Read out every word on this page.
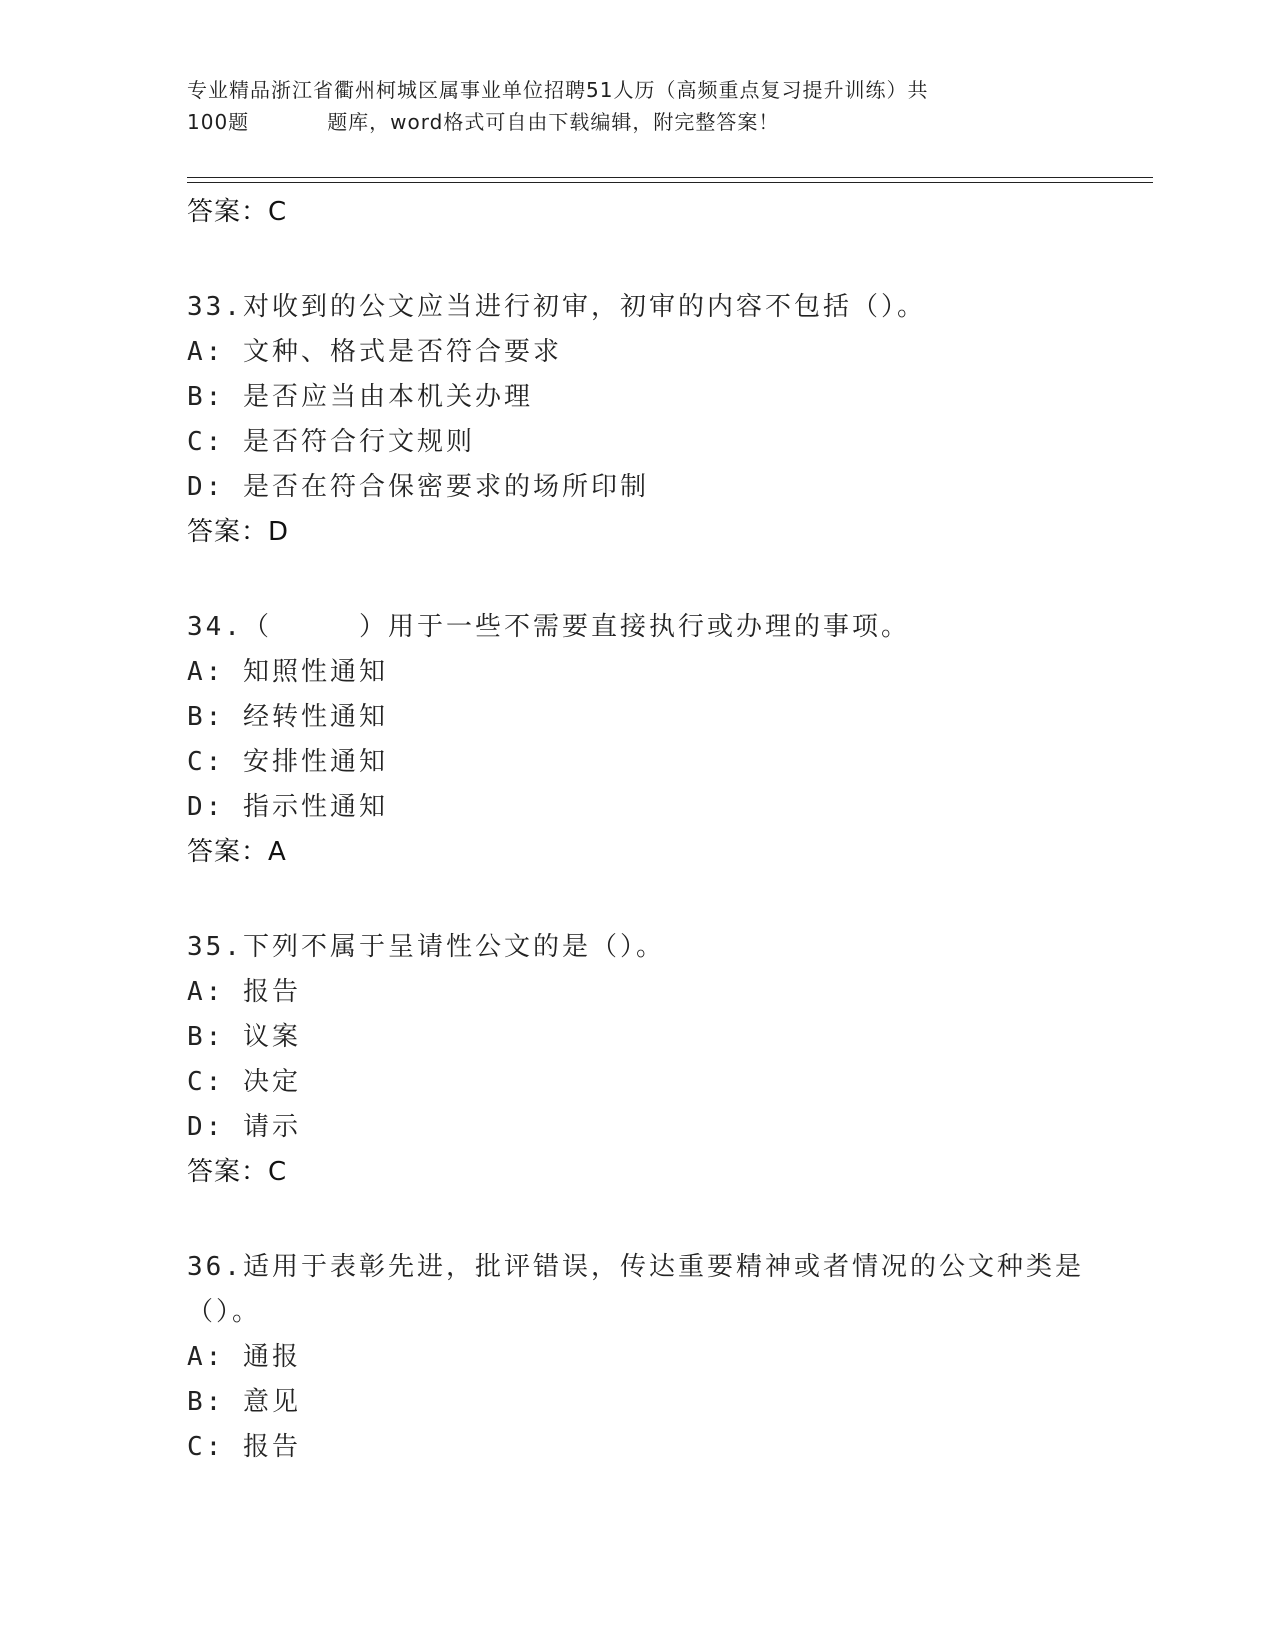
专业精品浙江省衢州柯城区属事业单位招聘51人历（高频重点复习提升训练）共
100题	题库，word格式可自由下载编辑，附完整答案！
答案：C
33.对收到的公文应当进行初审，初审的内容不包括（）。
A: 文种、格式是否符合要求
B: 是否应当由本机关办理
C: 是否符合行文规则
D: 是否在符合保密要求的场所印制
答案：D
34.（　　　）用于一些不需要直接执行或办理的事项。
A: 知照性通知
B: 经转性通知
C: 安排性通知
D: 指示性通知
答案：A
35.下列不属于呈请性公文的是（）。
A: 报告
B: 议案
C: 决定
D: 请示
答案：C
36.适用于表彰先进，批评错误，传达重要精神或者情况的公文种类是（）。
A: 通报
B: 意见
C: 报告
